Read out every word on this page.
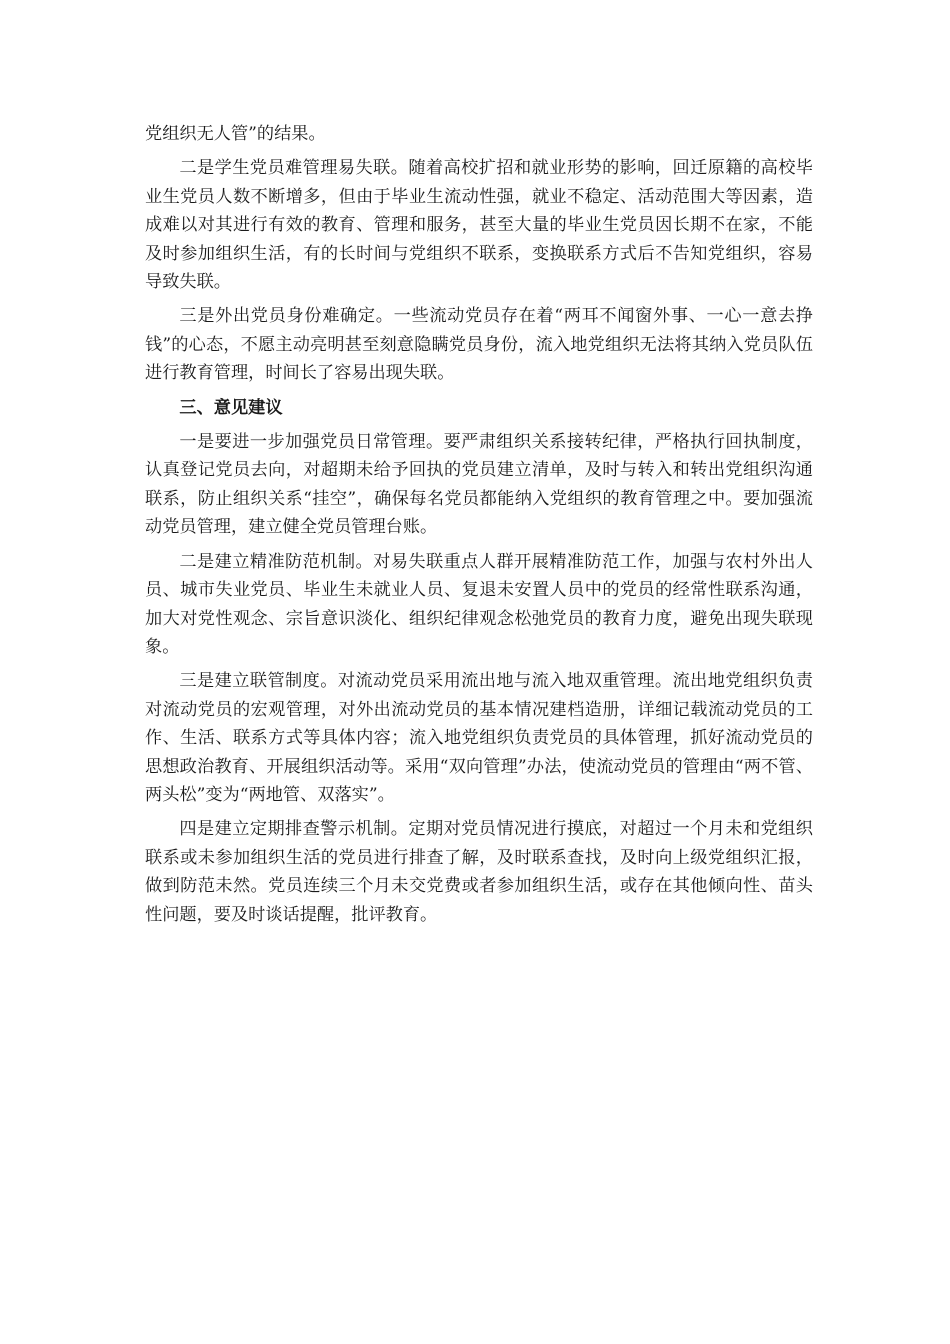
党组织无人管”的结果。

二是学生党员难管理易失联。随着高校扩招和就业形势的影响，回迁原籍的高校毕业生党员人数不断增多，但由于毕业生流动性强，就业不稳定、活动范围大等因素，造成难以对其进行有效的教育、管理和服务，甚至大量的毕业生党员因长期不在家，不能及时参加组织生活，有的长时间与党组织不联系，变换联系方式后不告知党组织，容易导致失联。

三是外出党员身份难确定。一些流动党员存在着“两耳不闻窗外事、一心一意去挣钱”的心态，不愿主动亮明甚至刻意隐瞒党员身份，流入地党组织无法将其纳入党员队伍进行教育管理，时间长了容易出现失联。

三、意见建议

一是要进一步加强党员日常管理。要严肃组织关系接转纪律，严格执行回执制度，认真登记党员去向，对超期未给予回执的党员建立清单，及时与转入和转出党组织沟通联系，防止组织关系“挂空”，确保每名党员都能纳入党组织的教育管理之中。要加强流动党员管理，建立健全党员管理台账。

二是建立精准防范机制。对易失联重点人群开展精准防范工作，加强与农村外出人员、城市失业党员、毕业生未就业人员、复退未安置人员中的党员的经常性联系沟通，加大对党性观念、宗旨意识淡化、组织纪律观念松弛党员的教育力度，避免出现失联现象。

三是建立联管制度。对流动党员采用流出地与流入地双重管理。流出地党组织负责对流动党员的宏观管理，对外出流动党员的基本情况建档造册，详细记载流动党员的工作、生活、联系方式等具体内容；流入地党组织负责党员的具体管理，抓好流动党员的思想政治教育、开展组织活动等。采用“双向管理”办法，使流动党员的管理由“两不管、两头松”变为“两地管、双落实”。

四是建立定期排查警示机制。定期对党员情况进行摸底，对超过一个月未和党组织联系或未参加组织生活的党员进行排查了解，及时联系查找，及时向上级党组织汇报，做到防范未然。党员连续三个月未交党费或者参加组织生活，或存在其他倾向性、苗头性问题，要及时谈话提醒，批评教育。
